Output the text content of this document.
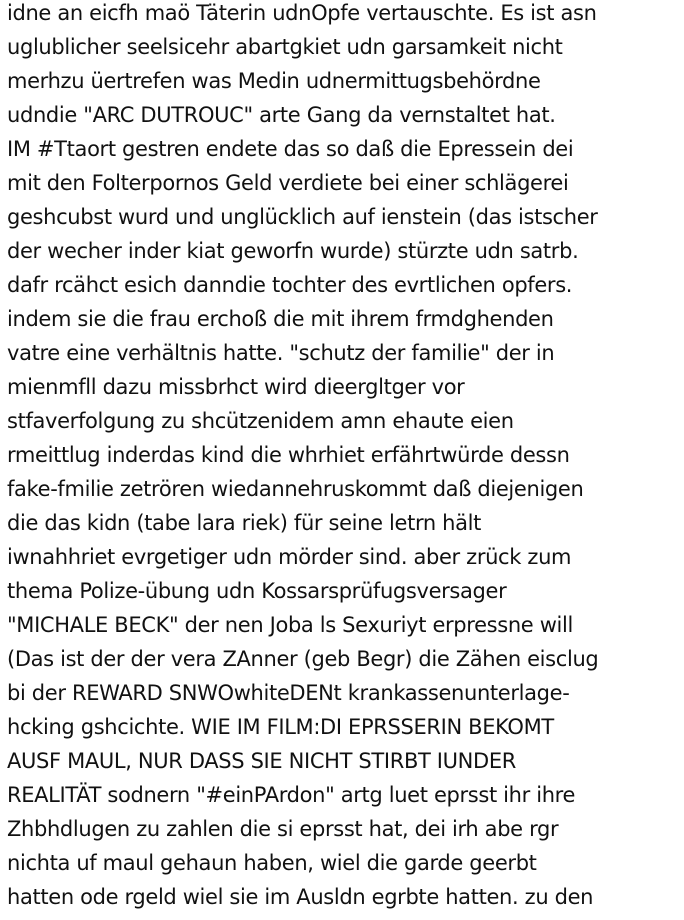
idne an eicfh maö Täterin udnOpfe vertauschte. Es ist asn
uglublicher seelsicehr abartgkiet udn garsamkeit nicht
merhzu üertrefen was Medin udnermittugsbehördne
udndie "ARC DUTROUC" arte Gang da vernstaltet hat.
IM #Ttaort gestren endete das so daß die Epressein dei
mit den Folterpornos Geld verdiete bei einer schlägerei
geshcubst wurd und unglücklich auf ienstein (das istscher
der wecher inder kiat geworfn wurde) stürzte udn satrb.
dafr rcähct esich danndie tochter des evrtlichen opfers.
indem sie die frau erchoß die mit ihrem frmdghenden
vatre eine verhältnis hatte. "schutz der familie" der in
mienmfll dazu missbrhct wird dieergltger vor
stfaverfolgung zu shcützenidem amn ehaute eien
rmeittlug inderdas kind die whrhiet erfährtwürde dessn
fake-fmilie zetrören wiedannehruskommt daß diejenigen
die das kidn (tabe lara riek) für seine letrn hält
iwnahhriet evrgetiger udn mörder sind. aber zrück zum
thema Polize-übung udn Kossarsprüfugsversager
"MICHALE BECK" der nen Joba ls Sexuriyt erpressne will
(Das ist der der vera ZAnner (geb Begr) die Zähen eisclug
bi der REWARD SNWOwhiteDENt krankassenunterlage-
hcking gshcichte. WIE IM FILM:DI EPRSSERIN BEKOMT
AUSF MAUL, NUR DASS SIE NICHT STIRBT IUNDER
REALITÄT sodnern "#einPArdon" artg luet eprsst ihr ihre
Zhbhdlugen zu zahlen die si eprsst hat, dei irh abe rgr
nichta uf maul gehaun haben, wiel die garde geerbt
hatten ode rgeld wiel sie im Ausldn egrbte hatten. zu den
